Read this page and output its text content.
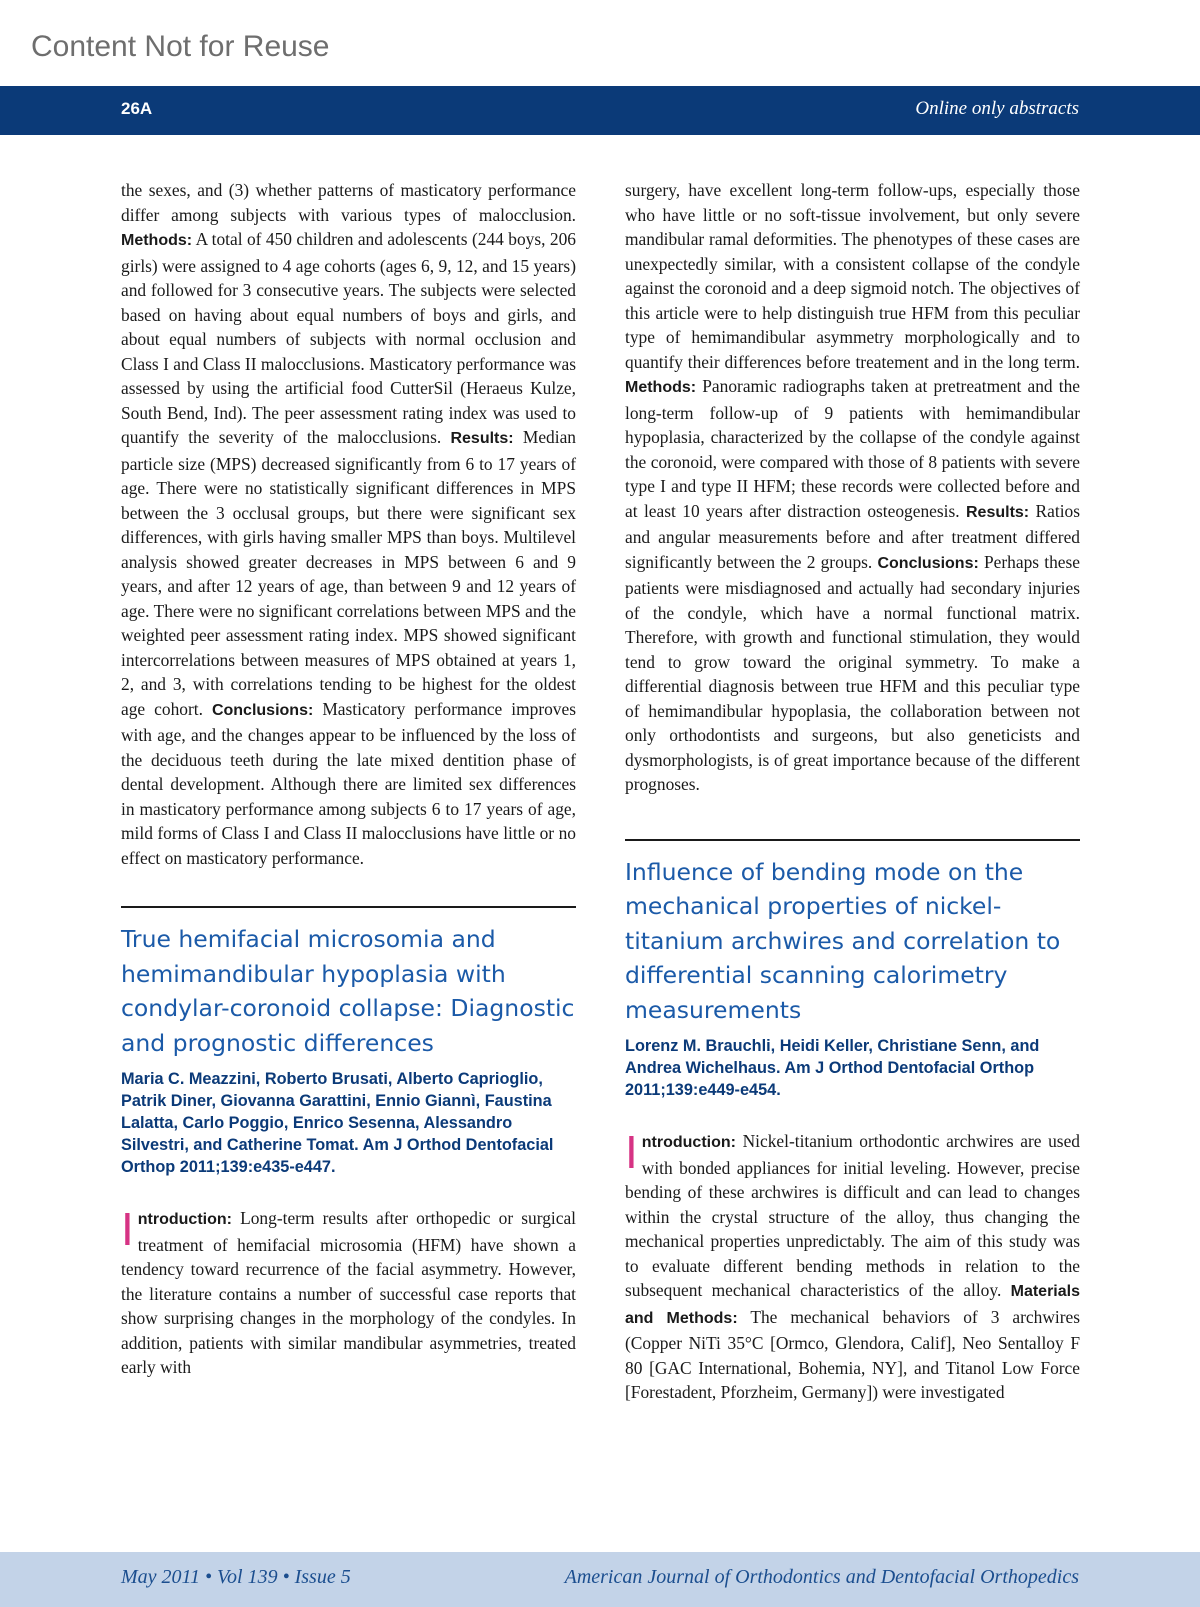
Content Not for Reuse
26A	Online only abstracts

the sexes, and (3) whether patterns of masticatory performance differ among subjects with various types of malocclusion. Methods: A total of 450 children and adolescents (244 boys, 206 girls) were assigned to 4 age cohorts (ages 6, 9, 12, and 15 years) and followed for 3 consecutive years. The subjects were selected based on having about equal numbers of boys and girls, and about equal numbers of subjects with normal occlusion and Class I and Class II malocclusions. Masticatory performance was assessed by using the artificial food CutterSil (Heraeus Kulze, South Bend, Ind). The peer assessment rating index was used to quantify the severity of the malocclusions. Results: Median particle size (MPS) decreased significantly from 6 to 17 years of age. There were no statistically significant differences in MPS between the 3 occlusal groups, but there were significant sex differences, with girls having smaller MPS than boys. Multilevel analysis showed greater decreases in MPS between 6 and 9 years, and after 12 years of age, than between 9 and 12 years of age. There were no significant correlations between MPS and the weighted peer assessment rating index. MPS showed significant intercorrelations between measures of MPS obtained at years 1, 2, and 3, with correlations tending to be highest for the oldest age cohort. Conclusions: Masticatory performance improves with age, and the changes appear to be influenced by the loss of the deciduous teeth during the late mixed dentition phase of dental development. Although there are limited sex differences in masticatory performance among subjects 6 to 17 years of age, mild forms of Class I and Class II malocclusions have little or no effect on masticatory performance.

True hemifacial microsomia and hemimandibular hypoplasia with condylar-coronoid collapse: Diagnostic and prognostic differences

Maria C. Meazzini, Roberto Brusati, Alberto Caprioglio, Patrik Diner, Giovanna Garattini, Ennio Giannì, Faustina Lalatta, Carlo Poggio, Enrico Sesenna, Alessandro Silvestri, and Catherine Tomat. Am J Orthod Dentofacial Orthop 2011;139:e435-e447.

Introduction: Long-term results after orthopedic or surgical treatment of hemifacial microsomia (HFM) have shown a tendency toward recurrence of the facial asymmetry. However, the literature contains a number of successful case reports that show surprising changes in the morphology of the condyles. In addition, patients with similar mandibular asymmetries, treated early with

surgery, have excellent long-term follow-ups, especially those who have little or no soft-tissue involvement, but only severe mandibular ramal deformities. The phenotypes of these cases are unexpectedly similar, with a consistent collapse of the condyle against the coronoid and a deep sigmoid notch. The objectives of this article were to help distinguish true HFM from this peculiar type of hemimandibular asymmetry morphologically and to quantify their differences before treatement and in the long term. Methods: Panoramic radiographs taken at pretreatment and the long-term follow-up of 9 patients with hemimandibular hypoplasia, characterized by the collapse of the condyle against the coronoid, were compared with those of 8 patients with severe type I and type II HFM; these records were collected before and at least 10 years after distraction osteogenesis. Results: Ratios and angular measurements before and after treatment differed significantly between the 2 groups. Conclusions: Perhaps these patients were misdiagnosed and actually had secondary injuries of the condyle, which have a normal functional matrix. Therefore, with growth and functional stimulation, they would tend to grow toward the original symmetry. To make a differential diagnosis between true HFM and this peculiar type of hemimandibular hypoplasia, the collaboration between not only orthodontists and surgeons, but also geneticists and dysmorphologists, is of great importance because of the different prognoses.

Influence of bending mode on the mechanical properties of nickel-titanium archwires and correlation to differential scanning calorimetry measurements

Lorenz M. Brauchli, Heidi Keller, Christiane Senn, and Andrea Wichelhaus. Am J Orthod Dentofacial Orthop 2011;139:e449-e454.

Introduction: Nickel-titanium orthodontic archwires are used with bonded appliances for initial leveling. However, precise bending of these archwires is difficult and can lead to changes within the crystal structure of the alloy, thus changing the mechanical properties unpredictably. The aim of this study was to evaluate different bending methods in relation to the subsequent mechanical characteristics of the alloy. Materials and Methods: The mechanical behaviors of 3 archwires (Copper NiTi 35°C [Ormco, Glendora, Calif], Neo Sentalloy F 80 [GAC International, Bohemia, NY], and Titanol Low Force [Forestadent, Pforzheim, Germany]) were investigated

May 2011 • Vol 139 • Issue 5	American Journal of Orthodontics and Dentofacial Orthopedics
